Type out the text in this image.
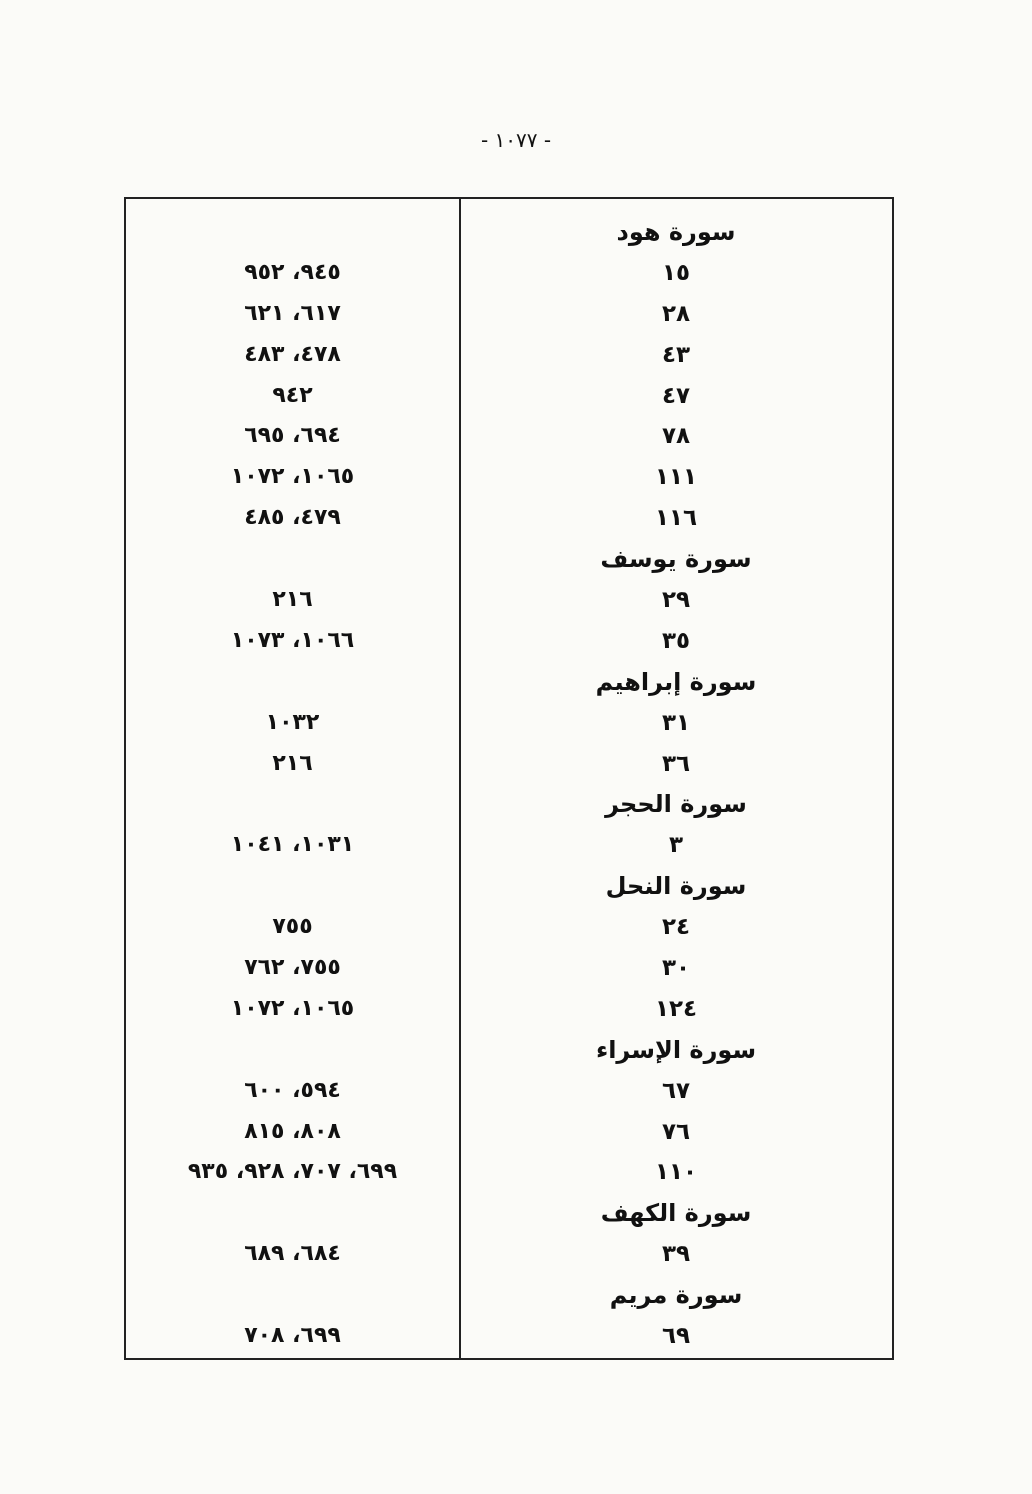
- ١٠٧٧ -
سورة هود
١٥
٩٤٥، ٩٥٢
٢٨
٦١٧، ٦٢١
٤٣
٤٧٨، ٤٨٣
٤٧
٩٤٢
٧٨
٦٩٤، ٦٩٥
١١١
١٠٦٥، ١٠٧٢
١١٦
٤٧٩، ٤٨٥
سورة يوسف
٢٩
٢١٦
٣٥
١٠٦٦، ١٠٧٣
سورة إبراهيم
٣١
١٠٣٢
٣٦
٢١٦
سورة الحجر
٣
١٠٣١، ١٠٤١
سورة النحل
٢٤
٧٥٥
٣٠
٧٥٥، ٧٦٢
١٢٤
١٠٦٥، ١٠٧٢
سورة الإسراء
٦٧
٥٩٤، ٦٠٠
٧٦
٨٠٨، ٨١٥
١١٠
٦٩٩، ٧٠٧، ٩٢٨، ٩٣٥
سورة الكهف
٣٩
٦٨٤، ٦٨٩
سورة مريم
٦٩
٦٩٩، ٧٠٨
